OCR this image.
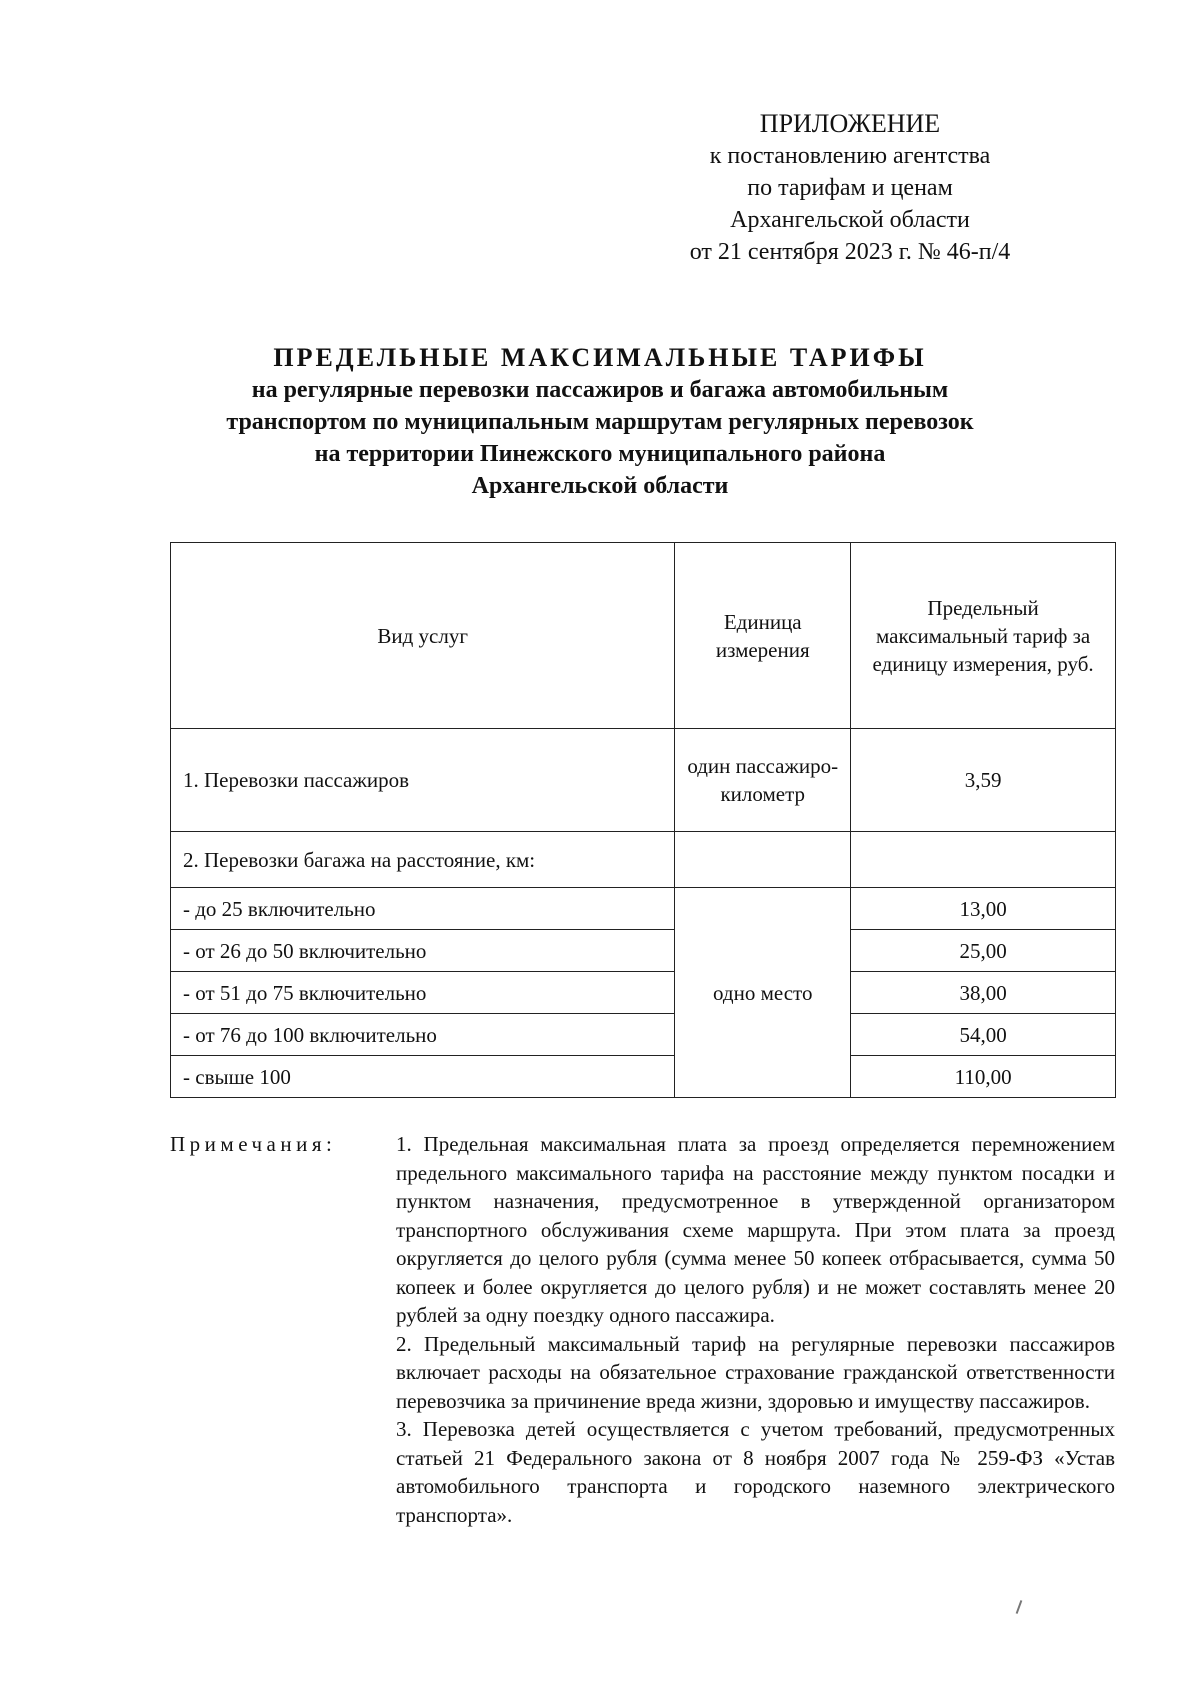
ПРИЛОЖЕНИЕ
к постановлению агентства
по тарифам и ценам
Архангельской области
от 21 сентября 2023 г. № 46-п/4
ПРЕДЕЛЬНЫЕ МАКСИМАЛЬНЫЕ ТАРИФЫ
на регулярные перевозки пассажиров и багажа автомобильным
транспортом по муниципальным маршрутам регулярных перевозок
на территории Пинежского муниципального района
Архангельской области
Вид услуг	Единица измерения	Предельный максимальный тариф за единицу измерения, руб.
1. Перевозки пассажиров	один пассажиро-километр	3,59
2. Перевозки багажа на расстояние, км:		
- до 25 включительно	одно место	13,00
- от 26 до 50 включительно		25,00
- от 51 до 75 включительно		38,00
- от 76 до 100 включительно		54,00
- свыше 100		110,00
Примечания:	1. Предельная максимальная плата за проезд определяется перемножением предельного максимального тарифа на расстояние между пунктом посадки и пунктом назначения, предусмотренное в утвержденной организатором транспортного обслуживания схеме маршрута. При этом плата за проезд округляется до целого рубля (сумма менее 50 копеек отбрасывается, сумма 50 копеек и более округляется до целого рубля) и не может составлять менее 20 рублей за одну поездку одного пассажира.

2. Предельный максимальный тариф на регулярные перевозки пассажиров включает расходы на обязательное страхование гражданской ответственности перевозчика за причинение вреда жизни, здоровью и имуществу пассажиров.

3. Перевозка детей осуществляется с учетом требований, предусмотренных статьей 21 Федерального закона от 8 ноября 2007 года № 259-ФЗ «Устав автомобильного транспорта и городского наземного электрического транспорта».
